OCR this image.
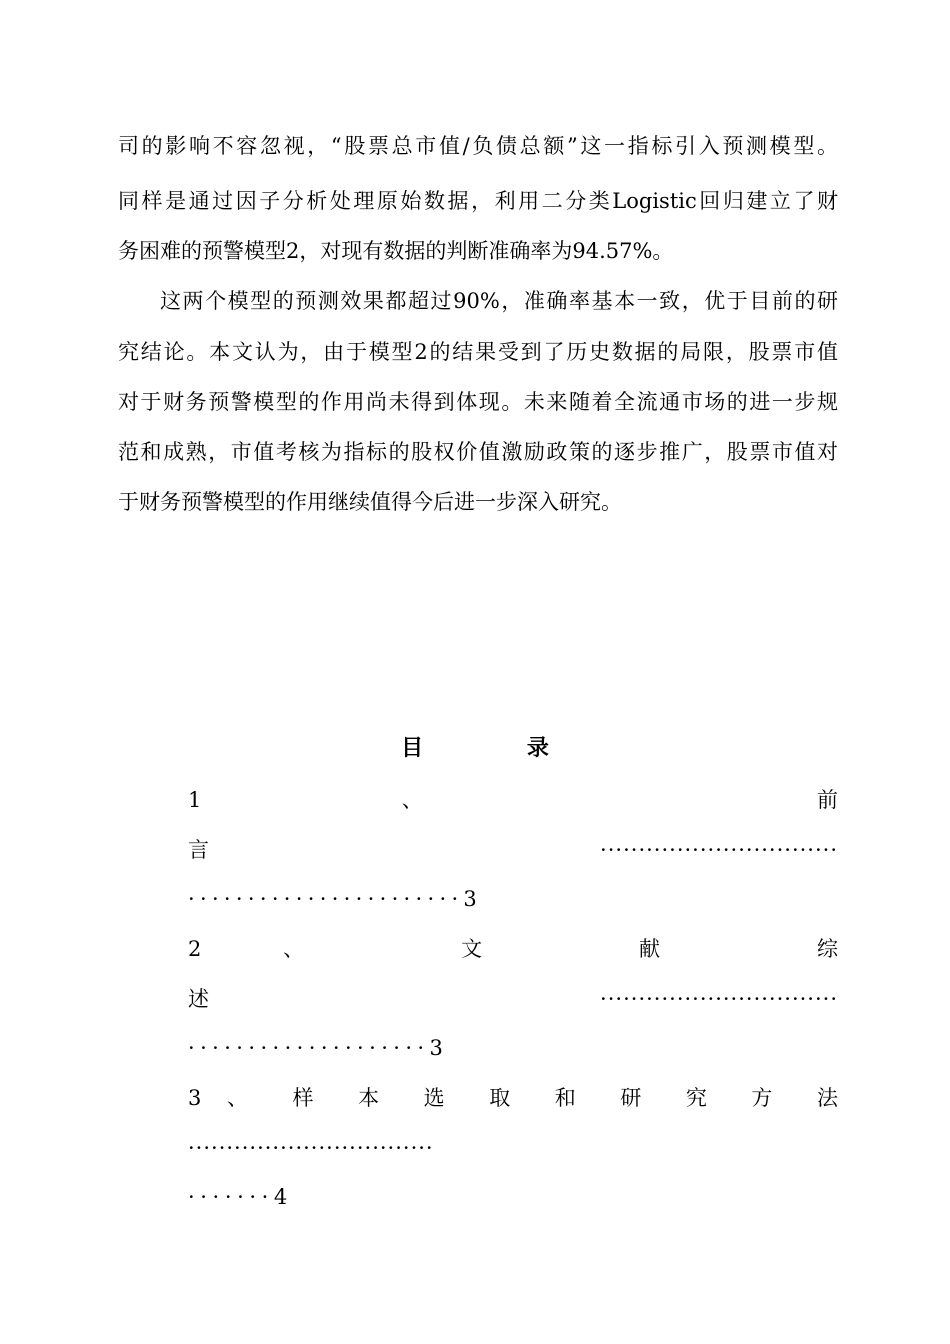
司的影响不容忽视，“股票总市值/负债总额”这一指标引入预测模型。
同样是通过因子分析处理原始数据，利用二分类Logistic回归建立了财
务困难的预警模型2，对现有数据的判断准确率为94.57%。
这两个模型的预测效果都超过90%，准确率基本一致，优于目前的研
究结论。本文认为，由于模型2的结果受到了历史数据的局限，股票市值
对于财务预警模型的作用尚未得到体现。未来随着全流通市场的进一步规
范和成熟，市值考核为指标的股权价值激励政策的逐步推广，股票市值对
于财务预警模型的作用继续值得今后进一步深入研究。
目 录
1 、 前
言·······························
·······················3
2 、 文 献 综
述·······························
····················3
3 、 样 本 选 取 和 研 究 方 法
································
·······4
